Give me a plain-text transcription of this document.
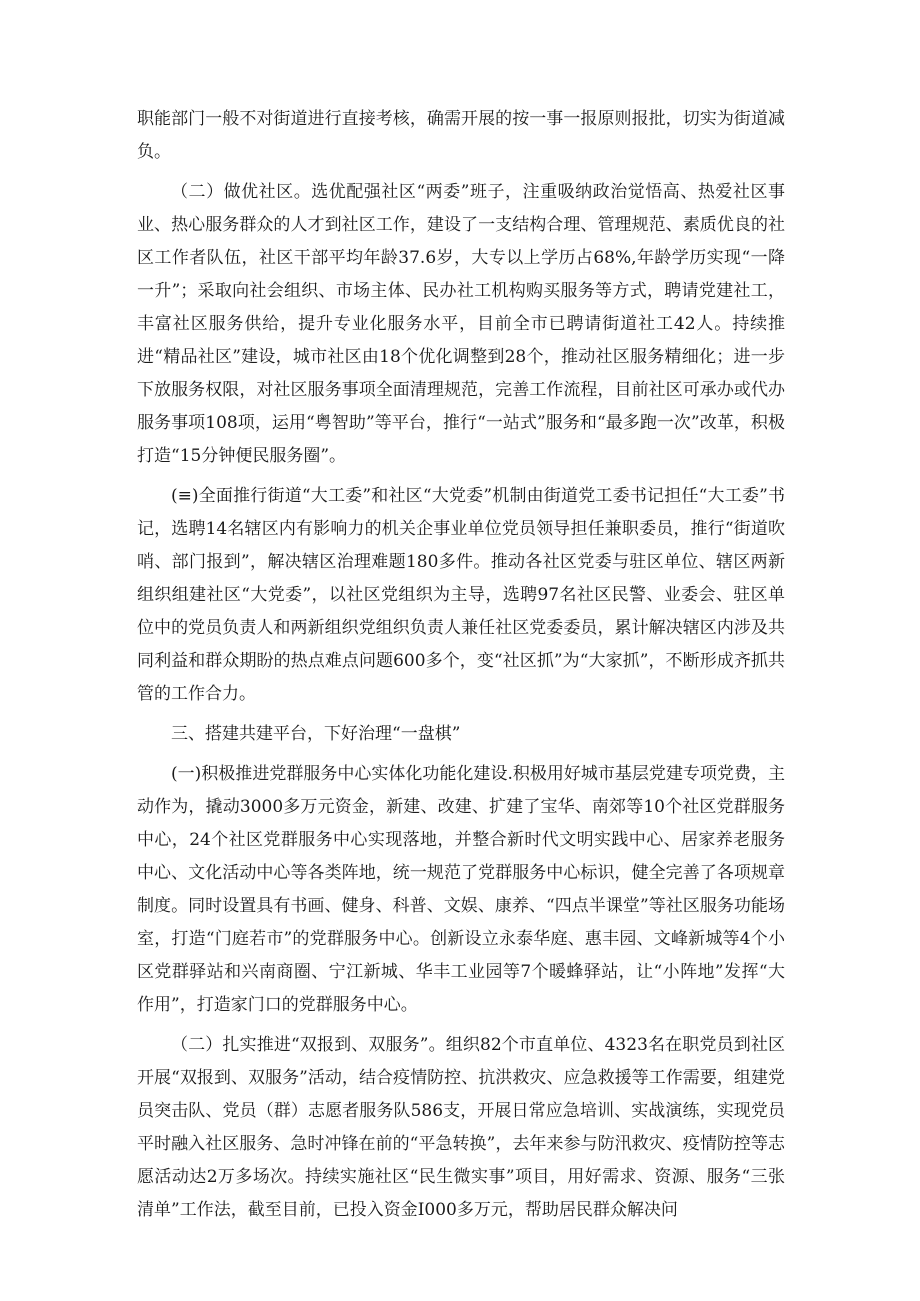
职能部门一般不对街道进行直接考核，确需开展的按一事一报原则报批，切实为街道减负。

（二）做优社区。选优配强社区“两委”班子，注重吸纳政治觉悟高、热爱社区事业、热心服务群众的人才到社区工作，建设了一支结构合理、管理规范、素质优良的社区工作者队伍，社区干部平均年龄37.6岁，大专以上学历占68%,年龄学历实现“一降一升”；采取向社会组织、市场主体、民办社工机构购买服务等方式，聘请党建社工，丰富社区服务供给，提升专业化服务水平，目前全市已聘请街道社工42人。持续推进“精品社区”建设，城市社区由18个优化调整到28个，推动社区服务精细化；进一步下放服务权限，对社区服务事项全面清理规范，完善工作流程，目前社区可承办或代办服务事项108项，运用“粤智助”等平台，推行“一站式”服务和“最多跑一次”改革，积极打造“15分钟便民服务圈”。

(≡)全面推行街道“大工委”和社区“大党委”机制由街道党工委书记担任“大工委”书记，选聘14名辖区内有影响力的机关企事业单位党员领导担任兼职委员，推行“街道吹哨、部门报到”，解决辖区治理难题180多件。推动各社区党委与驻区单位、辖区两新组织组建社区“大党委”，以社区党组织为主导，选聘97名社区民警、业委会、驻区单位中的党员负责人和两新组织党组织负责人兼任社区党委委员，累计解决辖区内涉及共同利益和群众期盼的热点难点问题600多个，变“社区抓”为“大家抓”，不断形成齐抓共管的工作合力。

三、搭建共建平台，下好治理“一盘棋”

(一)积极推进党群服务中心实体化功能化建设.积极用好城市基层党建专项党费，主动作为，撬动3000多万元资金，新建、改建、扩建了宝华、南郊等10个社区党群服务中心，24个社区党群服务中心实现落地，并整合新时代文明实践中心、居家养老服务中心、文化活动中心等各类阵地，统一规范了党群服务中心标识，健全完善了各项规章制度。同时设置具有书画、健身、科普、文娱、康养、“四点半课堂”等社区服务功能场室，打造“门庭若市”的党群服务中心。创新设立永泰华庭、惠丰园、文峰新城等4个小区党群驿站和兴南商圈、宁江新城、华丰工业园等7个暖蜂驿站，让“小阵地”发挥“大作用”，打造家门口的党群服务中心。

（二）扎实推进“双报到、双服务”。组织82个市直单位、4323名在职党员到社区开展“双报到、双服务”活动，结合疫情防控、抗洪救灾、应急救援等工作需要，组建党员突击队、党员（群）志愿者服务队586支，开展日常应急培训、实战演练，实现党员平时融入社区服务、急时冲锋在前的“平急转换”，去年来参与防汛救灾、疫情防控等志愿活动达2万多场次。持续实施社区“民生微实事”项目，用好需求、资源、服务“三张清单”工作法，截至目前，已投入资金I000多万元，帮助居民群众解决问
